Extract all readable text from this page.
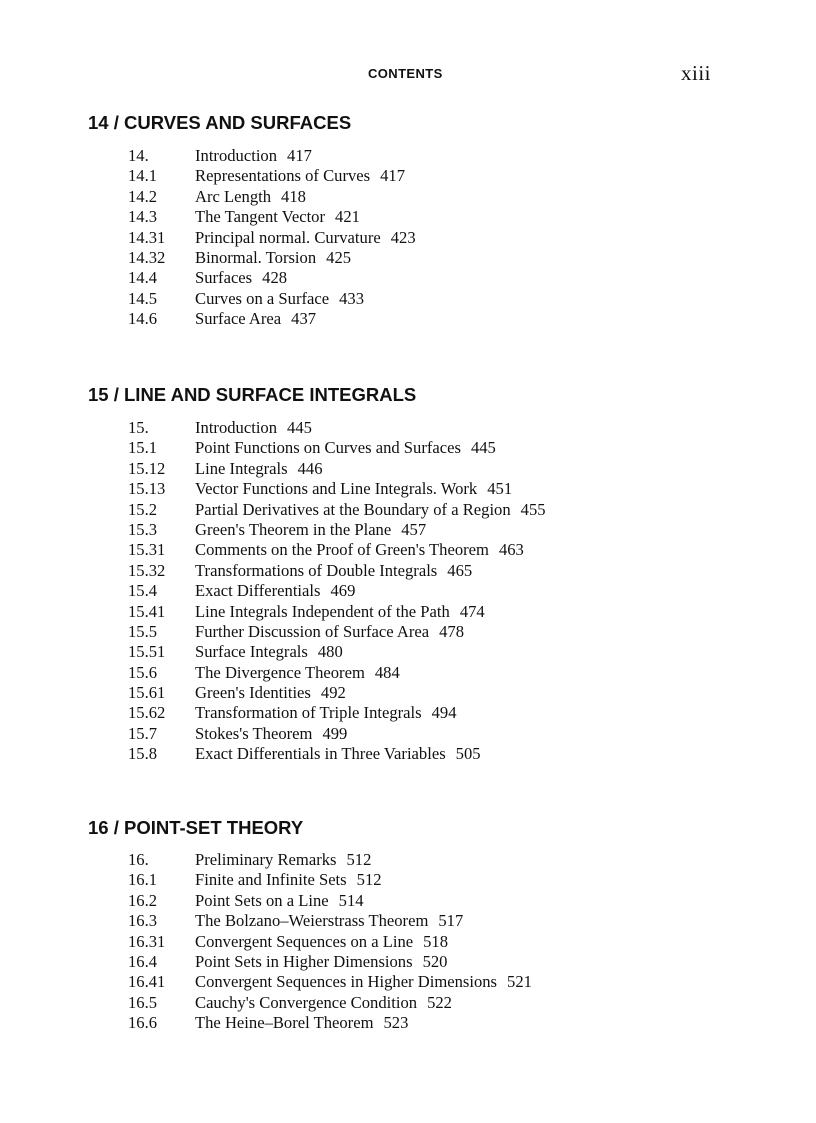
CONTENTS	xiii
14 / CURVES AND SURFACES
14.	Introduction 417
14.1 Representations of Curves 417
14.2 Arc Length 418
14.3 The Tangent Vector 421
14.31 Principal normal. Curvature 423
14.32 Binormal. Torsion 425
14.4 Surfaces 428
14.5 Curves on a Surface 433
14.6 Surface Area 437
15 / LINE AND SURFACE INTEGRALS
15.	Introduction 445
15.1 Point Functions on Curves and Surfaces 445
15.12 Line Integrals 446
15.13 Vector Functions and Line Integrals. Work 451
15.2 Partial Derivatives at the Boundary of a Region 455
15.3 Green's Theorem in the Plane 457
15.31 Comments on the Proof of Green's Theorem 463
15.32 Transformations of Double Integrals 465
15.4 Exact Differentials 469
15.41 Line Integrals Independent of the Path 474
15.5 Further Discussion of Surface Area 478
15.51 Surface Integrals 480
15.6 The Divergence Theorem 484
15.61 Green's Identities 492
15.62 Transformation of Triple Integrals 494
15.7 Stokes's Theorem 499
15.8 Exact Differentials in Three Variables 505
16 / POINT-SET THEORY
16.	Preliminary Remarks 512
16.1 Finite and Infinite Sets 512
16.2 Point Sets on a Line 514
16.3 The Bolzano–Weierstrass Theorem 517
16.31 Convergent Sequences on a Line 518
16.4 Point Sets in Higher Dimensions 520
16.41 Convergent Sequences in Higher Dimensions 521
16.5 Cauchy's Convergence Condition 522
16.6 The Heine–Borel Theorem 523
